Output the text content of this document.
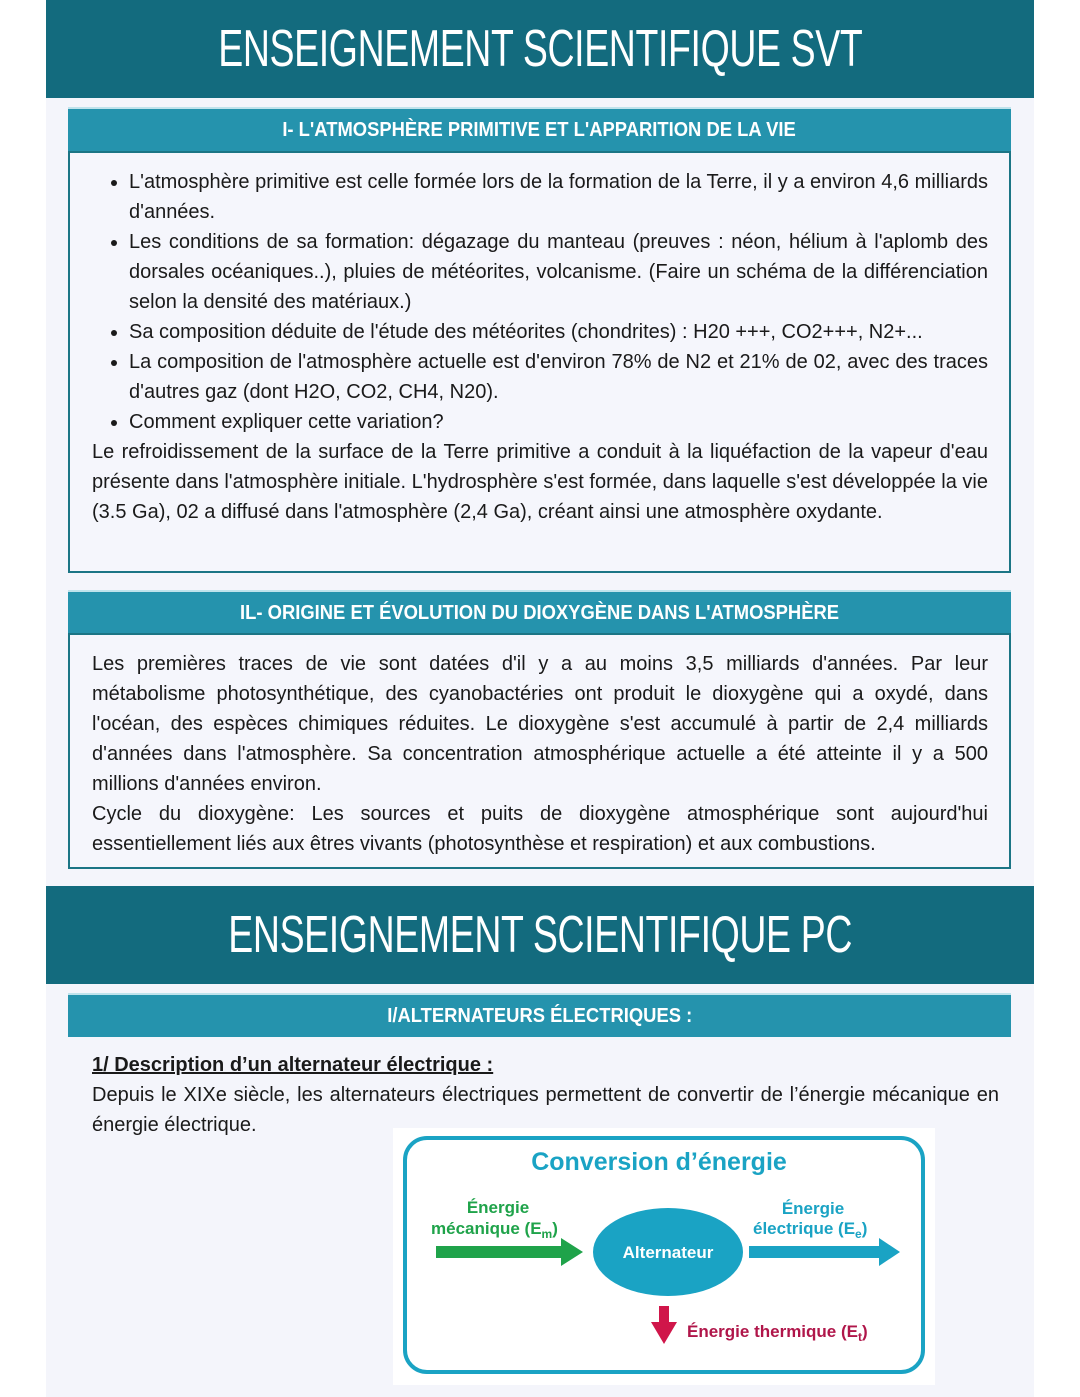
ENSEIGNEMENT SCIENTIFIQUE SVT
I- L'ATMOSPHÈRE PRIMITIVE ET L'APPARITION DE LA VIE
• L'atmosphère primitive est celle formée lors de la formation de la Terre, il y a environ 4,6 milliards d'années.
• Les conditions de sa formation: dégazage du manteau (preuves : néon, hélium à l'aplomb des dorsales océaniques..), pluies de météorites, volcanisme. (Faire un schéma de la différenciation selon la densité des matériaux.)
• Sa composition déduite de l'étude des météorites (chondrites) : H20 +++, CO2+++, N2+...
• La composition de l'atmosphère actuelle est d'environ 78% de N2 et 21% de 02, avec des traces d'autres gaz (dont H2O, CO2, CH4, N20).
• Comment expliquer cette variation?

Le refroidissement de la surface de la Terre primitive a conduit à la liquéfaction de la vapeur d'eau présente dans l'atmosphère initiale. L'hydrosphère s'est formée, dans laquelle s'est développée la vie (3.5 Ga), 02 a diffusé dans l'atmosphère (2,4 Ga), créant ainsi une atmosphère oxydante.

IL- ORIGINE ET ÉVOLUTION DU DIOXYGÈNE DANS L'ATMOSPHÈRE

Les premières traces de vie sont datées d'il y a au moins 3,5 milliards d'années. Par leur métabolisme photosynthétique, des cyanobactéries ont produit le dioxygène qui a oxydé, dans l'océan, des espèces chimiques réduites. Le dioxygène s'est accumulé à partir de 2,4 milliards d'années dans l'atmosphère. Sa concentration atmosphérique actuelle a été atteinte il y a 500 millions d'années environ.

Cycle du dioxygène: Les sources et puits de dioxygène atmosphérique sont aujourd'hui essentiellement liés aux êtres vivants (photosynthèse et respiration) et aux combustions.

ENSEIGNEMENT SCIENTIFIQUE PC
I/ALTERNATEURS ÉLECTRIQUES :

1/ Description d’un alternateur électrique :

Depuis le XIXe siècle, les alternateurs électriques permettent de convertir de l’énergie mécanique en énergie électrique.

Conversion d’énergie
Énergie
mécanique $(E_m)$
Alternateur
Énergie
électrique $(E_e)$
Énergie thermique $(E_t)$
